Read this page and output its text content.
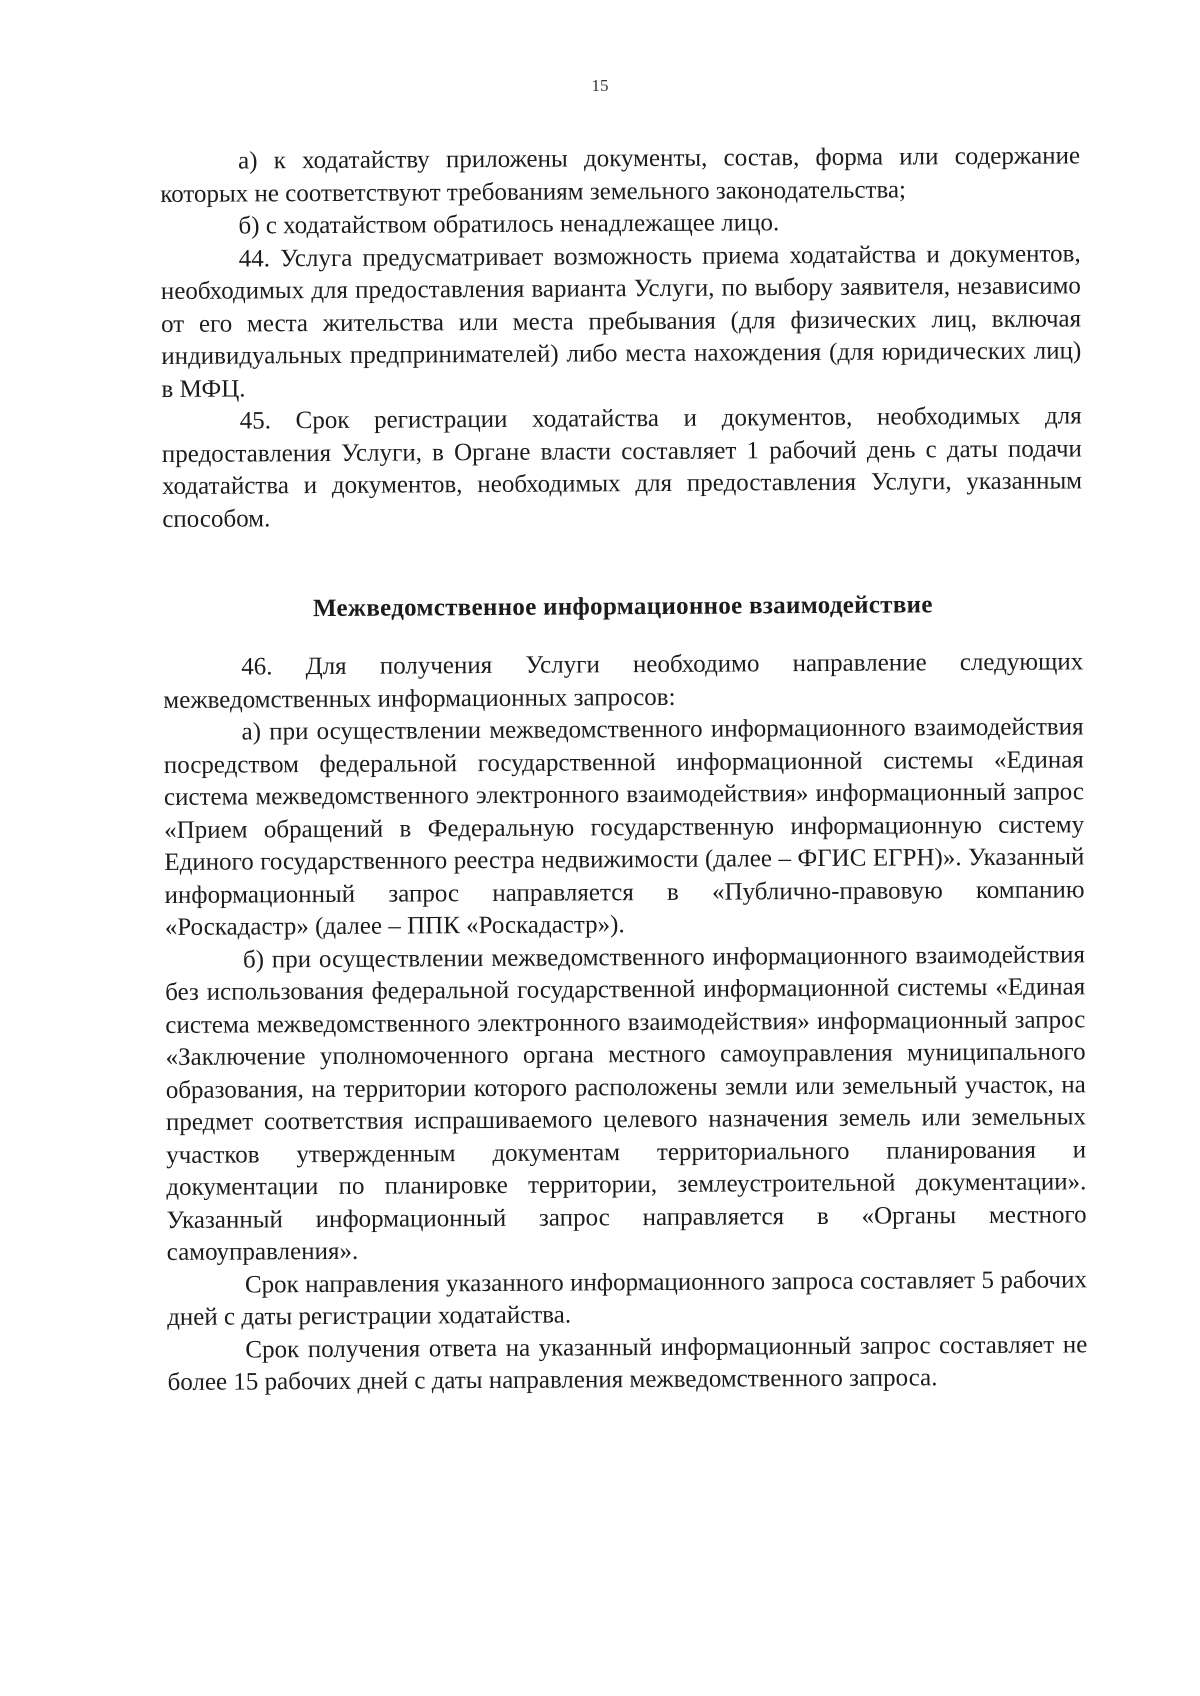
15

а) к ходатайству приложены документы, состав, форма или содержание которых не соответствуют требованиям земельного законодательства;

б) с ходатайством обратилось ненадлежащее лицо.

44. Услуга предусматривает возможность приема ходатайства и документов, необходимых для предоставления варианта Услуги, по выбору заявителя, независимо от его места жительства или места пребывания (для физических лиц, включая индивидуальных предпринимателей) либо места нахождения (для юридических лиц) в МФЦ.

45. Срок регистрации ходатайства и документов, необходимых для предоставления Услуги, в Органе власти составляет 1 рабочий день с даты подачи ходатайства и документов, необходимых для предоставления Услуги, указанным способом.

Межведомственное информационное взаимодействие

46. Для получения Услуги необходимо направление следующих межведомственных информационных запросов:

а) при осуществлении межведомственного информационного взаимодействия посредством федеральной государственной информационной системы «Единая система межведомственного электронного взаимодействия» информационный запрос «Прием обращений в Федеральную государственную информационную систему Единого государственного реестра недвижимости (далее – ФГИС ЕГРН)». Указанный информационный запрос направляется в «Публично-правовую компанию «Роскадастр» (далее – ППК «Роскадастр»).

б) при осуществлении межведомственного информационного взаимодействия без использования федеральной государственной информационной системы «Единая система межведомственного электронного взаимодействия» информационный запрос «Заключение уполномоченного органа местного самоуправления муниципального образования, на территории которого расположены земли или земельный участок, на предмет соответствия испрашиваемого целевого назначения земель или земельных участков утвержденным документам территориального планирования и документации по планировке территории, землеустроительной документации». Указанный информационный запрос направляется в «Органы местного самоуправления».

Срок направления указанного информационного запроса составляет 5 рабочих дней с даты регистрации ходатайства.

Срок получения ответа на указанный информационный запрос составляет не более 15 рабочих дней с даты направления межведомственного запроса.
